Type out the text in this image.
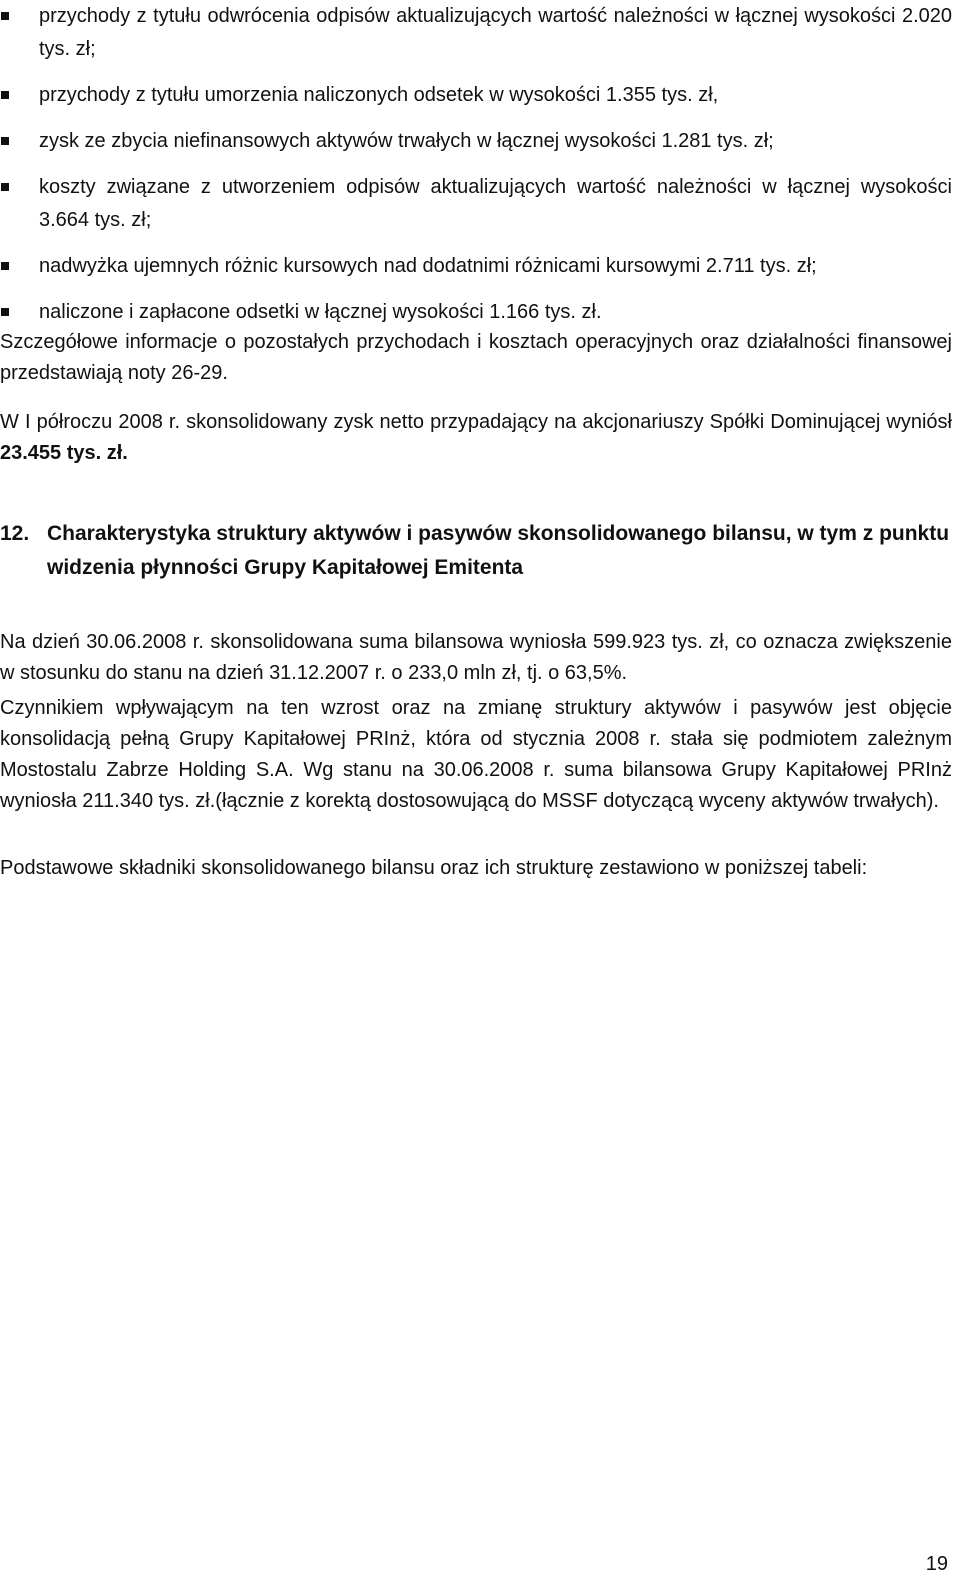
przychody z tytułu odwrócenia odpisów aktualizujących wartość należności w łącznej wysokości 2.020 tys. zł;
przychody z tytułu umorzenia naliczonych odsetek w wysokości 1.355 tys. zł,
zysk ze zbycia niefinansowych aktywów trwałych w łącznej wysokości 1.281 tys. zł;
koszty związane z utworzeniem odpisów aktualizujących wartość należności w łącznej wysokości 3.664 tys. zł;
nadwyżka ujemnych różnic kursowych nad dodatnimi różnicami kursowymi 2.711 tys. zł;
naliczone i zapłacone odsetki w łącznej wysokości 1.166 tys. zł.

Szczegółowe informacje o pozostałych przychodach i kosztach operacyjnych oraz działalności finansowej przedstawiają noty 26-29.

W I półroczu 2008 r. skonsolidowany zysk netto przypadający na akcjonariuszy Spółki Dominującej wyniósł 23.455 tys. zł.

12. Charakterystyka struktury aktywów i pasywów skonsolidowanego bilansu, w tym z punktu widzenia płynności Grupy Kapitałowej Emitenta

Na dzień 30.06.2008 r. skonsolidowana suma bilansowa wyniosła 599.923 tys. zł, co oznacza zwiększenie w stosunku do stanu na dzień 31.12.2007 r. o 233,0 mln zł, tj. o 63,5%.

Czynnikiem wpływającym na ten wzrost oraz na zmianę struktury aktywów i pasywów jest objęcie konsolidacją pełną Grupy Kapitałowej PRInż, która od stycznia 2008 r. stała się podmiotem zależnym Mostostalu Zabrze Holding S.A. Wg stanu na 30.06.2008 r. suma bilansowa Grupy Kapitałowej PRInż wyniosła 211.340 tys. zł.(łącznie z korektą dostosowującą do MSSF dotyczącą wyceny aktywów trwałych).

Podstawowe składniki skonsolidowanego bilansu oraz ich strukturę zestawiono w poniższej tabeli:

19
